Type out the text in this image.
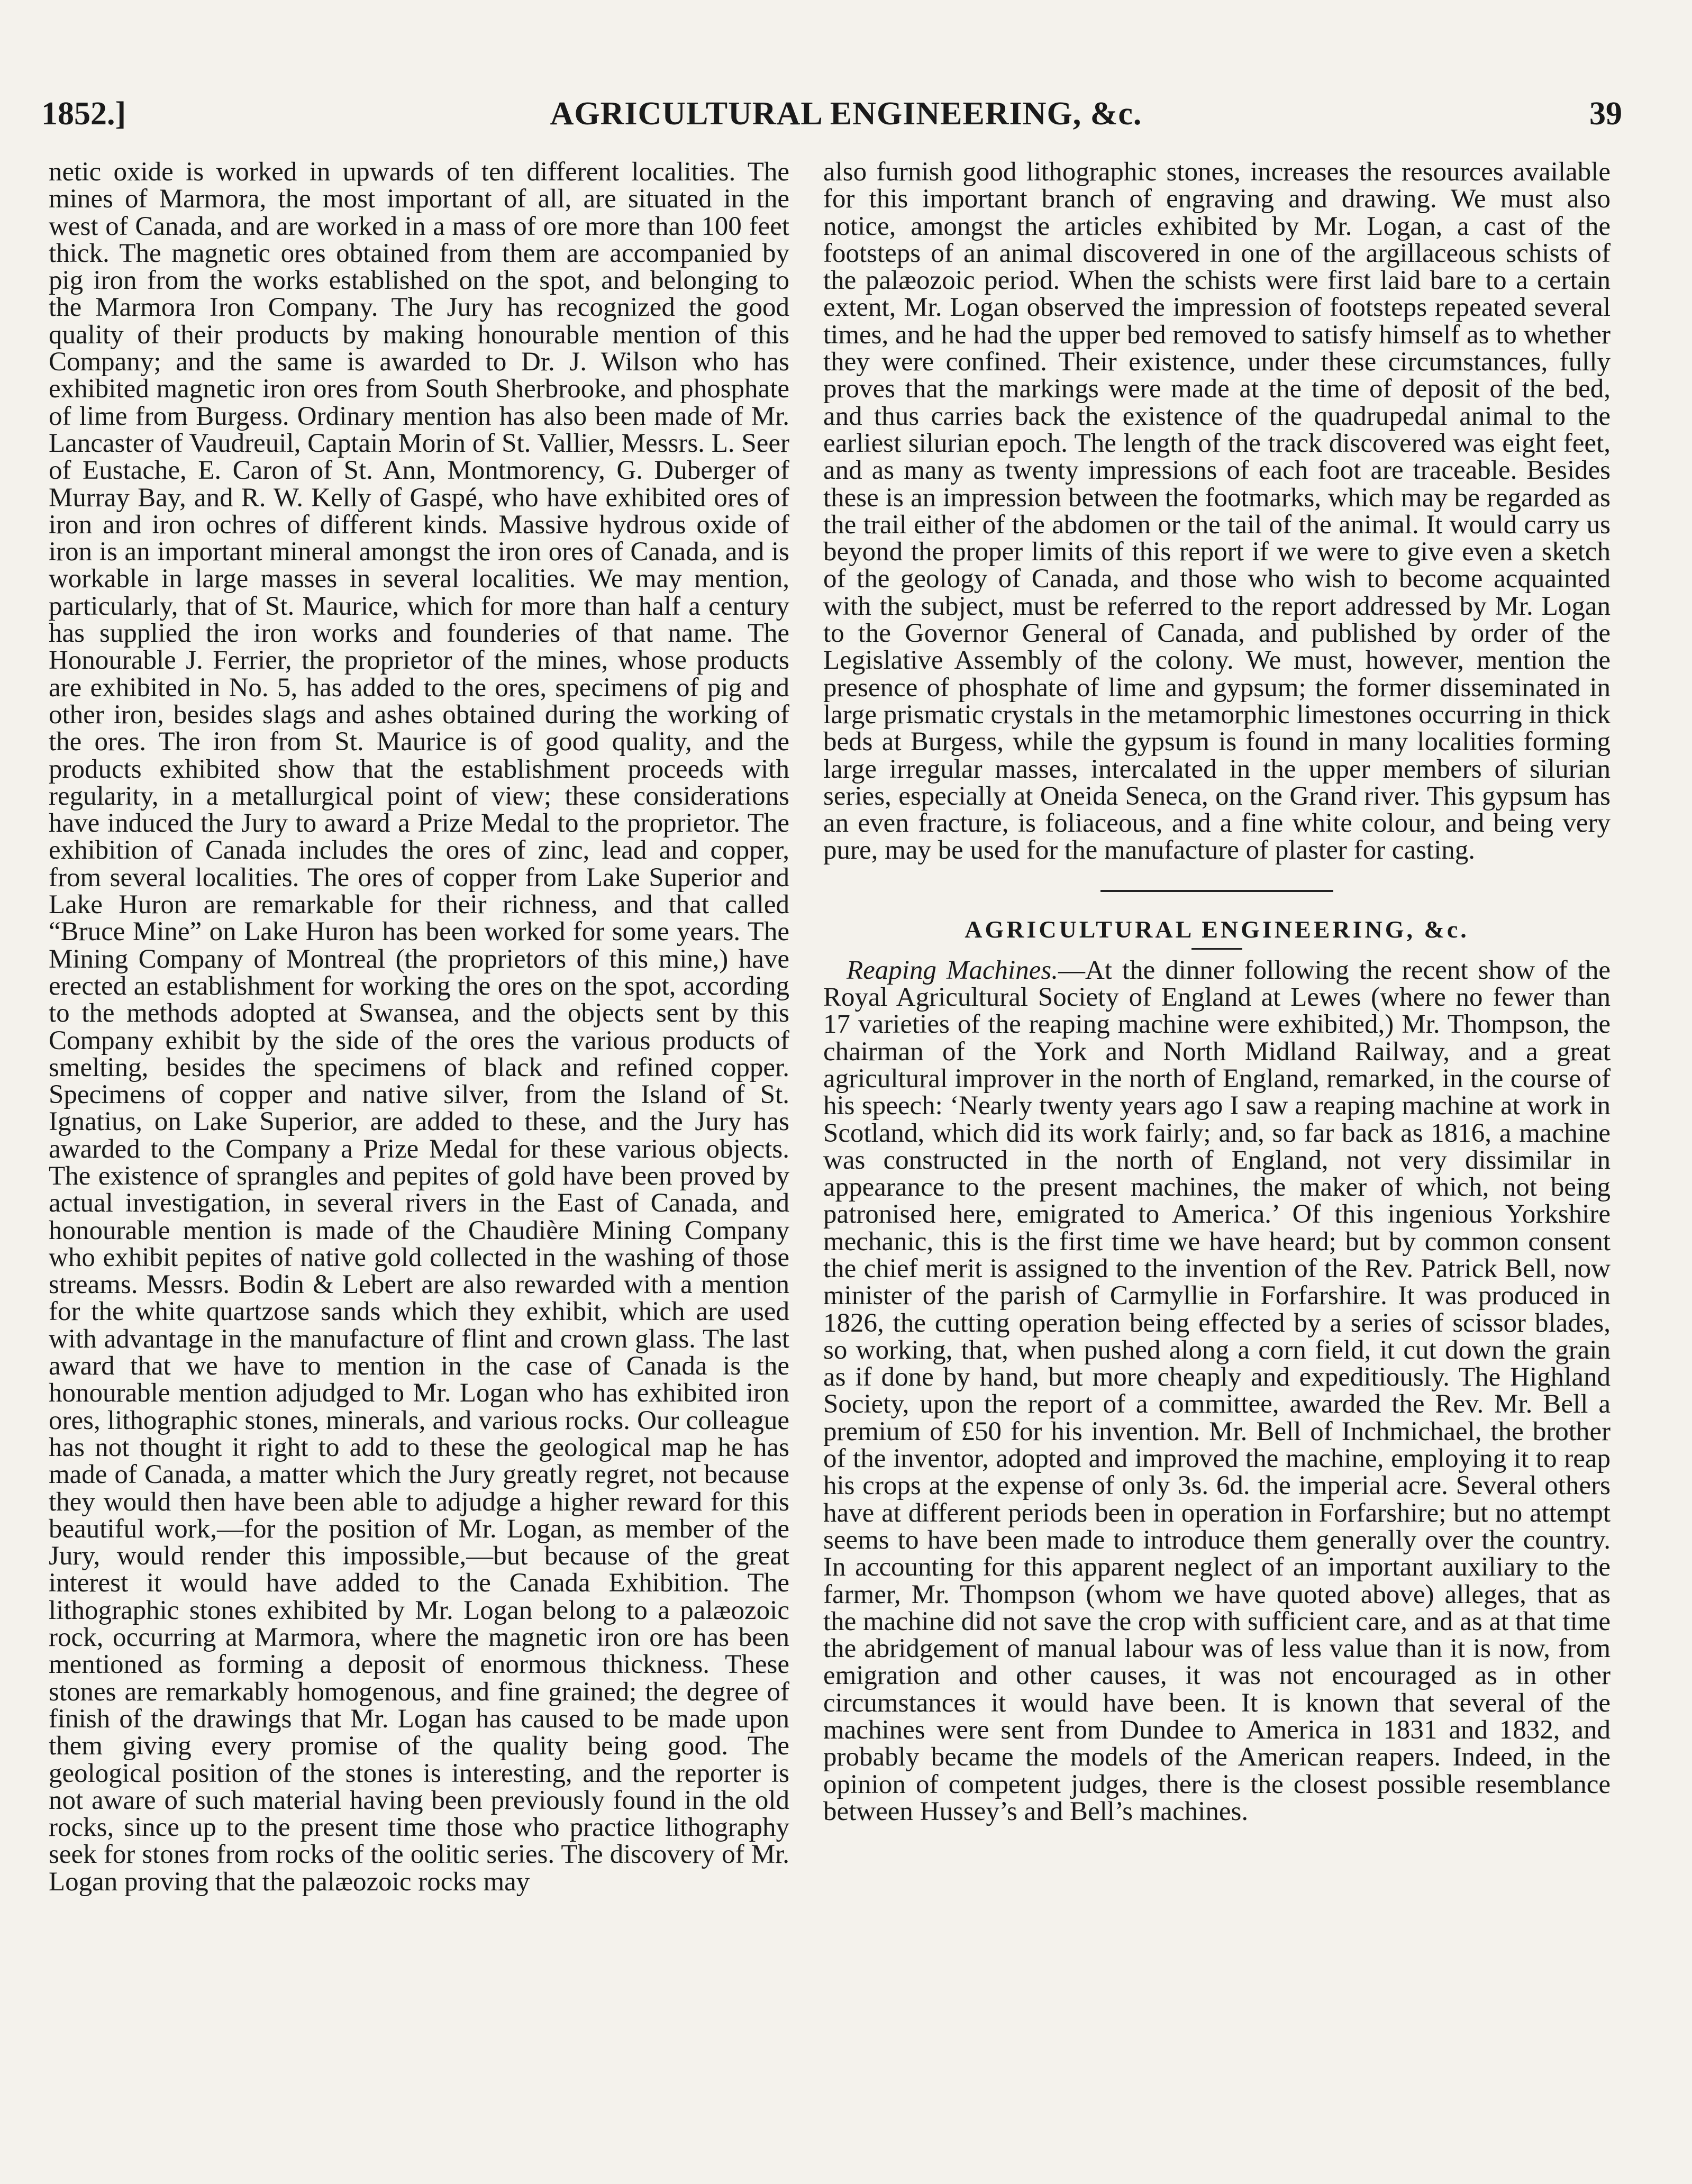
AGRICULTURAL ENGINEERING, &c.
1852.]	39

netic oxide is worked in upwards of ten different localities. The mines of Marmora, the most important of all, are situated in the west of Canada, and are worked in a mass of ore more than 100 feet thick. The magnetic ores obtained from them are accompanied by pig iron from the works established on the spot, and belonging to the Marmora Iron Company. The Jury has recognized the good quality of their products by making honourable mention of this Company; and the same is awarded to Dr. J. Wilson who has exhibited magnetic iron ores from South Sherbrooke, and phosphate of lime from Burgess. Ordinary mention has also been made of Mr. Lancaster of Vaudreuil, Captain Morin of St. Vallier, Messrs. L. Seer of Eustache, E. Caron of St. Ann, Montmorency, G. Duberger of Murray Bay, and R. W. Kelly of Gaspé, who have exhibited ores of iron and iron ochres of different kinds. Massive hydrous oxide of iron is an important mineral amongst the iron ores of Canada, and is workable in large masses in several localities. We may mention, particularly, that of St. Maurice, which for more than half a century has supplied the iron works and founderies of that name. The Honourable J. Ferrier, the proprietor of the mines, whose products are exhibited in No. 5, has added to the ores, specimens of pig and other iron, besides slags and ashes obtained during the working of the ores. The iron from St. Maurice is of good quality, and the products exhibited show that the establishment proceeds with regularity, in a metallurgical point of view; these considerations have induced the Jury to award a Prize Medal to the proprietor. The exhibition of Canada includes the ores of zinc, lead and copper, from several localities. The ores of copper from Lake Superior and Lake Huron are remarkable for their richness, and that called “Bruce Mine” on Lake Huron has been worked for some years. The Mining Company of Montreal (the proprietors of this mine,) have erected an establishment for working the ores on the spot, according to the methods adopted at Swansea, and the objects sent by this Company exhibit by the side of the ores the various products of smelting, besides the specimens of black and refined copper. Specimens of copper and native silver, from the Island of St. Ignatius, on Lake Superior, are added to these, and the Jury has awarded to the Company a Prize Medal for these various objects. The existence of sprangles and pepites of gold have been proved by actual investigation, in several rivers in the East of Canada, and honourable mention is made of the Chaudière Mining Company who exhibit pepites of native gold collected in the washing of those streams. Messrs. Bodin & Lebert are also rewarded with a mention for the white quartzose sands which they exhibit, which are used with advantage in the manufacture of flint and crown glass. The last award that we have to mention in the case of Canada is the honourable mention adjudged to Mr. Logan who has exhibited iron ores, lithographic stones, minerals, and various rocks. Our colleague has not thought it right to add to these the geological map he has made of Canada, a matter which the Jury greatly regret, not because they would then have been able to adjudge a higher reward for this beautiful work,—for the position of Mr. Logan, as member of the Jury, would render this impossible,—but because of the great interest it would have added to the Canada Exhibition. The lithographic stones exhibited by Mr. Logan belong to a palæozoic rock, occurring at Marmora, where the magnetic iron ore has been mentioned as forming a deposit of enormous thickness. These stones are remarkably homogenous, and fine grained; the degree of finish of the drawings that Mr. Logan has caused to be made upon them giving every promise of the quality being good. The geological position of the stones is interesting, and the reporter is not aware of such material having been previously found in the old rocks, since up to the present time those who practice lithography seek for stones from rocks of the oolitic series. The discovery of Mr. Logan proving that the palæozoic rocks may

also furnish good lithographic stones, increases the resources available for this important branch of engraving and drawing. We must also notice, amongst the articles exhibited by Mr. Logan, a cast of the footsteps of an animal discovered in one of the argillaceous schists of the palæozoic period. When the schists were first laid bare to a certain extent, Mr. Logan observed the impression of footsteps repeated several times, and he had the upper bed removed to satisfy himself as to whether they were confined. Their existence, under these circumstances, fully proves that the markings were made at the time of deposit of the bed, and thus carries back the existence of the quadrupedal animal to the earliest silurian epoch. The length of the track discovered was eight feet, and as many as twenty impressions of each foot are traceable. Besides these is an impression between the footmarks, which may be regarded as the trail either of the abdomen or the tail of the animal. It would carry us beyond the proper limits of this report if we were to give even a sketch of the geology of Canada, and those who wish to become acquainted with the subject, must be referred to the report addressed by Mr. Logan to the Governor General of Canada, and published by order of the Legislative Assembly of the colony. We must, however, mention the presence of phosphate of lime and gypsum; the former disseminated in large prismatic crystals in the metamorphic limestones occurring in thick beds at Burgess, while the gypsum is found in many localities forming large irregular masses, intercalated in the upper members of silurian series, especially at Oneida Seneca, on the Grand river. This gypsum has an even fracture, is foliaceous, and a fine white colour, and being very pure, may be used for the manufacture of plaster for casting.

AGRICULTURAL ENGINEERING, &c.

Reaping Machines.—At the dinner following the recent show of the Royal Agricultural Society of England at Lewes (where no fewer than 17 varieties of the reaping machine were exhibited,) Mr. Thompson, the chairman of the York and North Midland Railway, and a great agricultural improver in the north of England, remarked, in the course of his speech: ‘Nearly twenty years ago I saw a reaping machine at work in Scotland, which did its work fairly; and, so far back as 1816, a machine was constructed in the north of England, not very dissimilar in appearance to the present machines, the maker of which, not being patronised here, emigrated to America.’ Of this ingenious Yorkshire mechanic, this is the first time we have heard; but by common consent the chief merit is assigned to the invention of the Rev. Patrick Bell, now minister of the parish of Carmyllie in Forfarshire. It was produced in 1826, the cutting operation being effected by a series of scissor blades, so working, that, when pushed along a corn field, it cut down the grain as if done by hand, but more cheaply and expeditiously. The Highland Society, upon the report of a committee, awarded the Rev. Mr. Bell a premium of £50 for his invention. Mr. Bell of Inchmichael, the brother of the inventor, adopted and improved the machine, employing it to reap his crops at the expense of only 3s. 6d. the imperial acre. Several others have at different periods been in operation in Forfarshire; but no attempt seems to have been made to introduce them generally over the country. In accounting for this apparent neglect of an important auxiliary to the farmer, Mr. Thompson (whom we have quoted above) alleges, that as the machine did not save the crop with sufficient care, and as at that time the abridgement of manual labour was of less value than it is now, from emigration and other causes, it was not encouraged as in other circumstances it would have been. It is known that several of the machines were sent from Dundee to America in 1831 and 1832, and probably became the models of the American reapers. Indeed, in the opinion of competent judges, there is the closest possible resemblance between Hussey’s and Bell’s machines.
